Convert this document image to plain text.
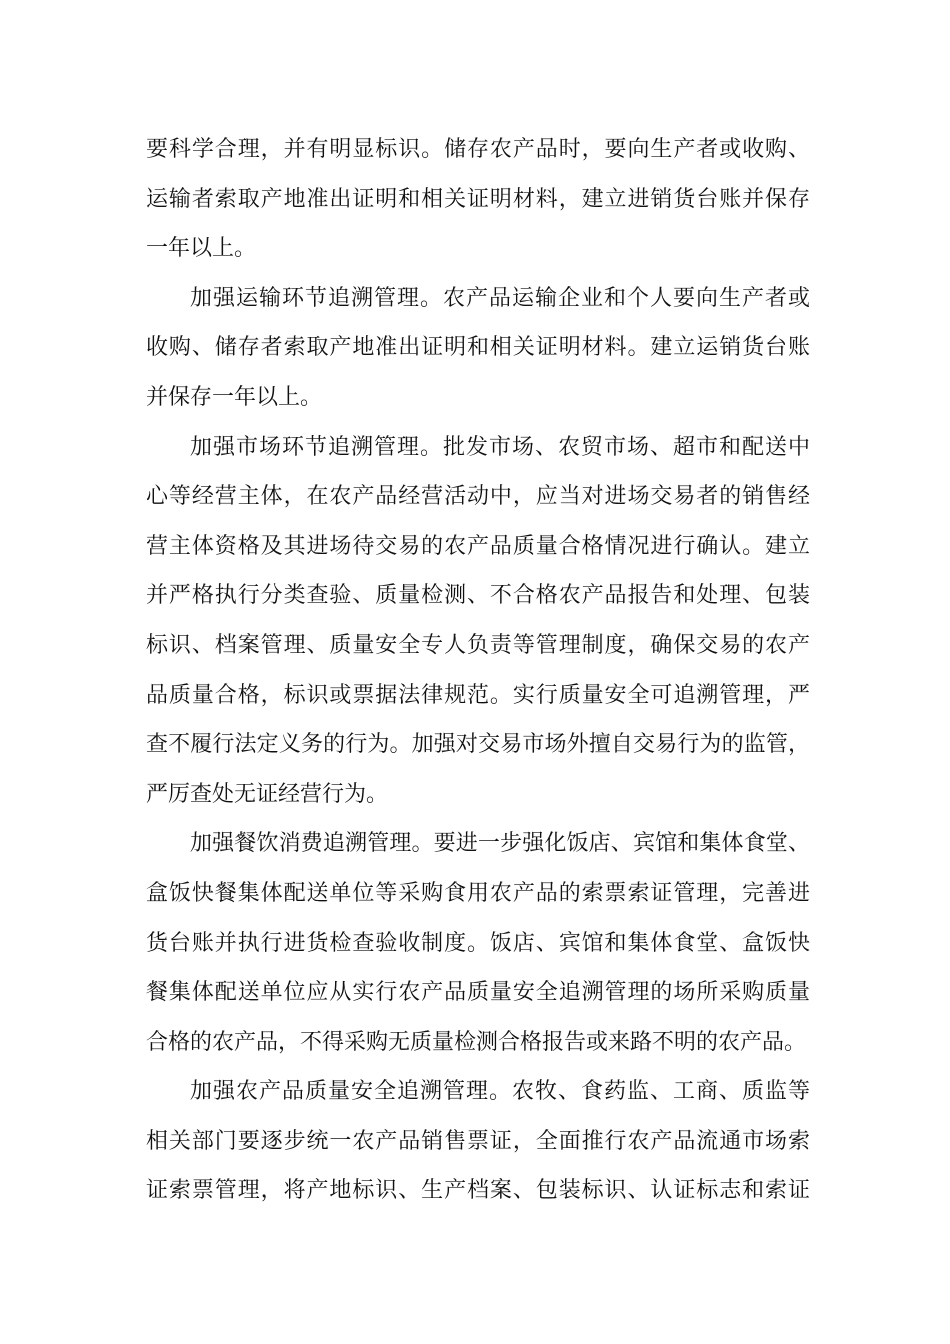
要科学合理，并有明显标识。储存农产品时，要向生产者或收购、
运输者索取产地准出证明和相关证明材料，建立进销货台账并保存
一年以上。
加强运输环节追溯管理。农产品运输企业和个人要向生产者或
收购、储存者索取产地准出证明和相关证明材料。建立运销货台账
并保存一年以上。
加强市场环节追溯管理。批发市场、农贸市场、超市和配送中
心等经营主体，在农产品经营活动中，应当对进场交易者的销售经
营主体资格及其进场待交易的农产品质量合格情况进行确认。建立
并严格执行分类查验、质量检测、不合格农产品报告和处理、包装
标识、档案管理、质量安全专人负责等管理制度，确保交易的农产
品质量合格，标识或票据法律规范。实行质量安全可追溯管理，严
查不履行法定义务的行为。加强对交易市场外擅自交易行为的监管，
严厉查处无证经营行为。
加强餐饮消费追溯管理。要进一步强化饭店、宾馆和集体食堂、
盒饭快餐集体配送单位等采购食用农产品的索票索证管理，完善进
货台账并执行进货检查验收制度。饭店、宾馆和集体食堂、盒饭快
餐集体配送单位应从实行农产品质量安全追溯管理的场所采购质量
合格的农产品，不得采购无质量检测合格报告或来路不明的农产品。
加强农产品质量安全追溯管理。农牧、食药监、工商、质监等
相关部门要逐步统一农产品销售票证，全面推行农产品流通市场索
证索票管理，将产地标识、生产档案、包装标识、认证标志和索证
